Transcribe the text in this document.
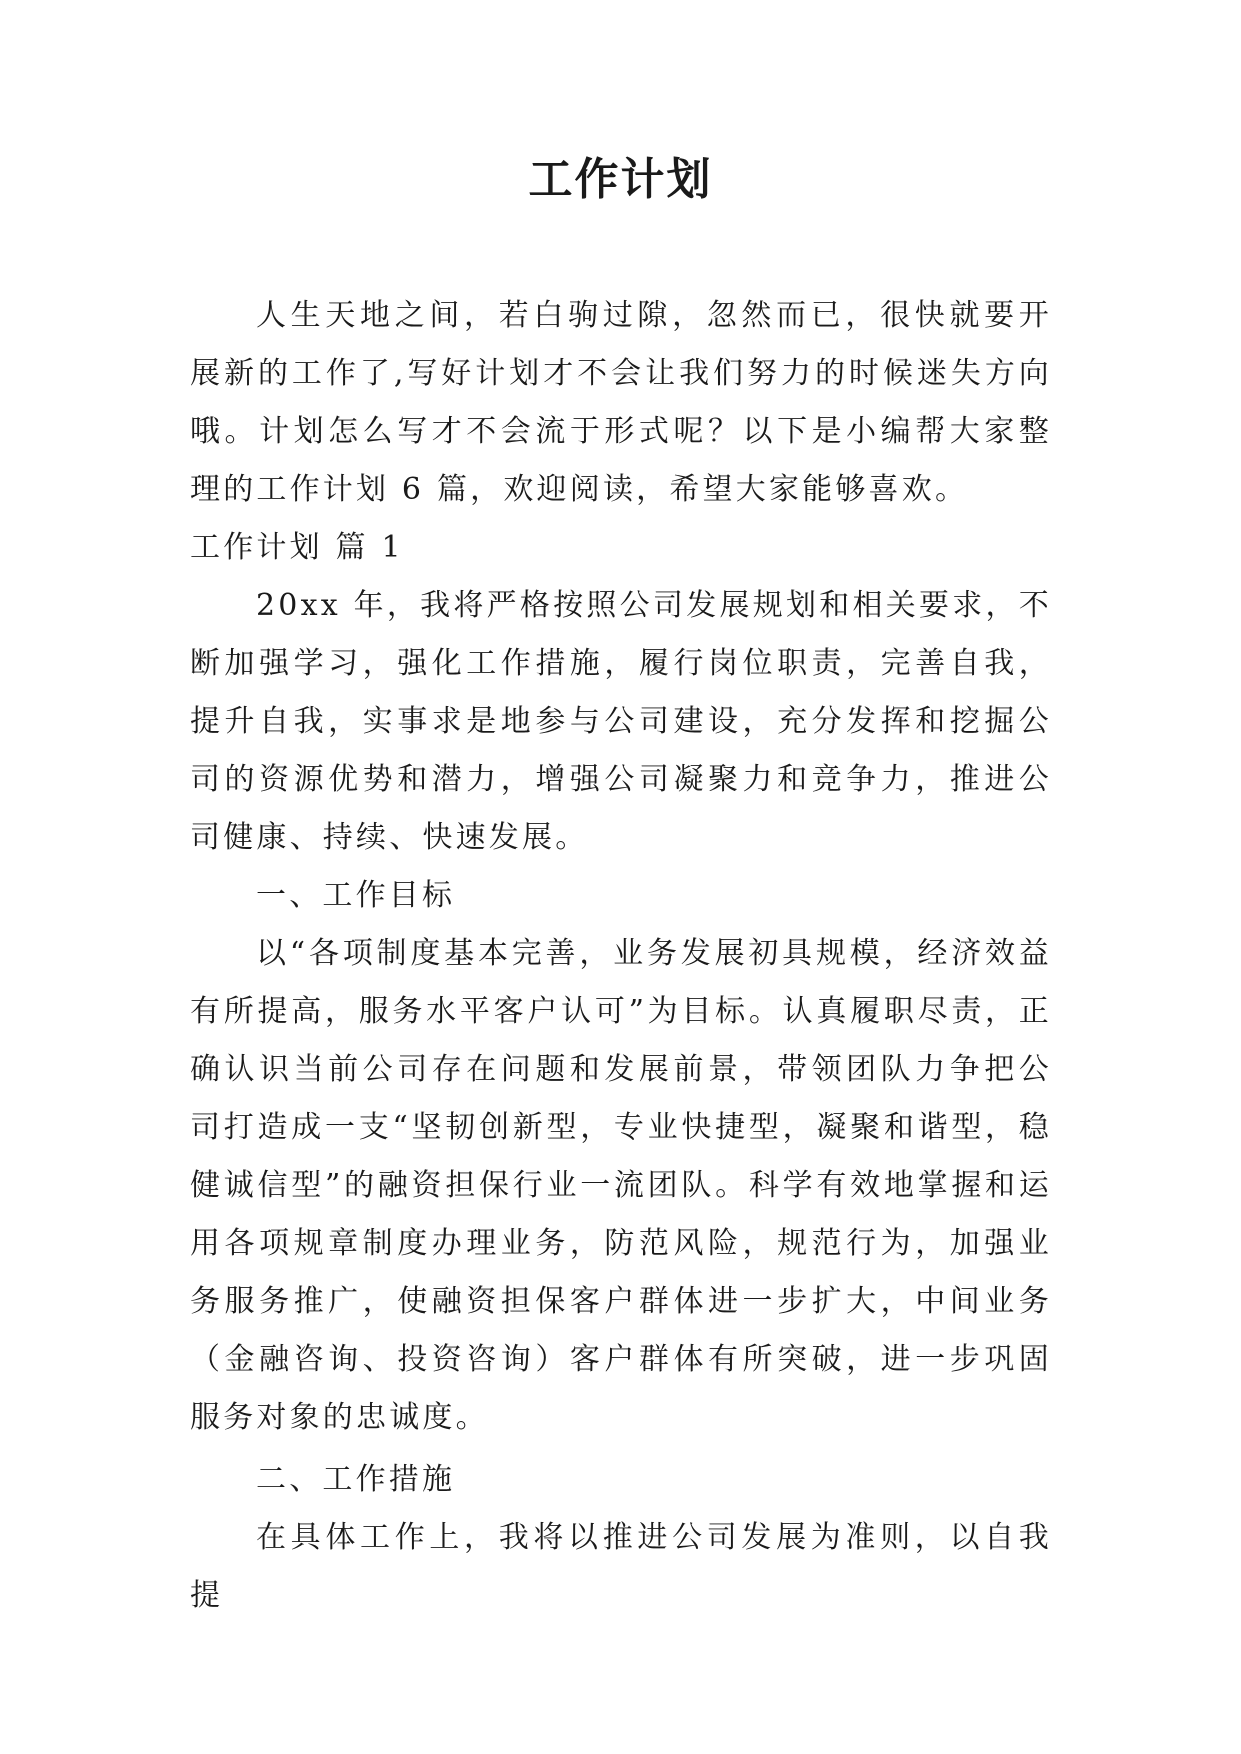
工作计划

人生天地之间，若白驹过隙，忽然而已，很快就要开展新的工作了,写好计划才不会让我们努力的时候迷失方向哦。计划怎么写才不会流于形式呢？以下是小编帮大家整理的工作计划 6 篇，欢迎阅读，希望大家能够喜欢。

工作计划 篇 1

20xx 年，我将严格按照公司发展规划和相关要求，不断加强学习，强化工作措施，履行岗位职责，完善自我，提升自我，实事求是地参与公司建设，充分发挥和挖掘公司的资源优势和潜力，增强公司凝聚力和竞争力，推进公司健康、持续、快速发展。

一、工作目标

以“各项制度基本完善，业务发展初具规模，经济效益有所提高，服务水平客户认可”为目标。认真履职尽责，正确认识当前公司存在问题和发展前景，带领团队力争把公司打造成一支“坚韧创新型，专业快捷型，凝聚和谐型，稳健诚信型”的融资担保行业一流团队。科学有效地掌握和运用各项规章制度办理业务，防范风险，规范行为，加强业务服务推广，使融资担保客户群体进一步扩大，中间业务（金融咨询、投资咨询）客户群体有所突破，进一步巩固服务对象的忠诚度。

二、工作措施

在具体工作上，我将以推进公司发展为准则，以自我提
